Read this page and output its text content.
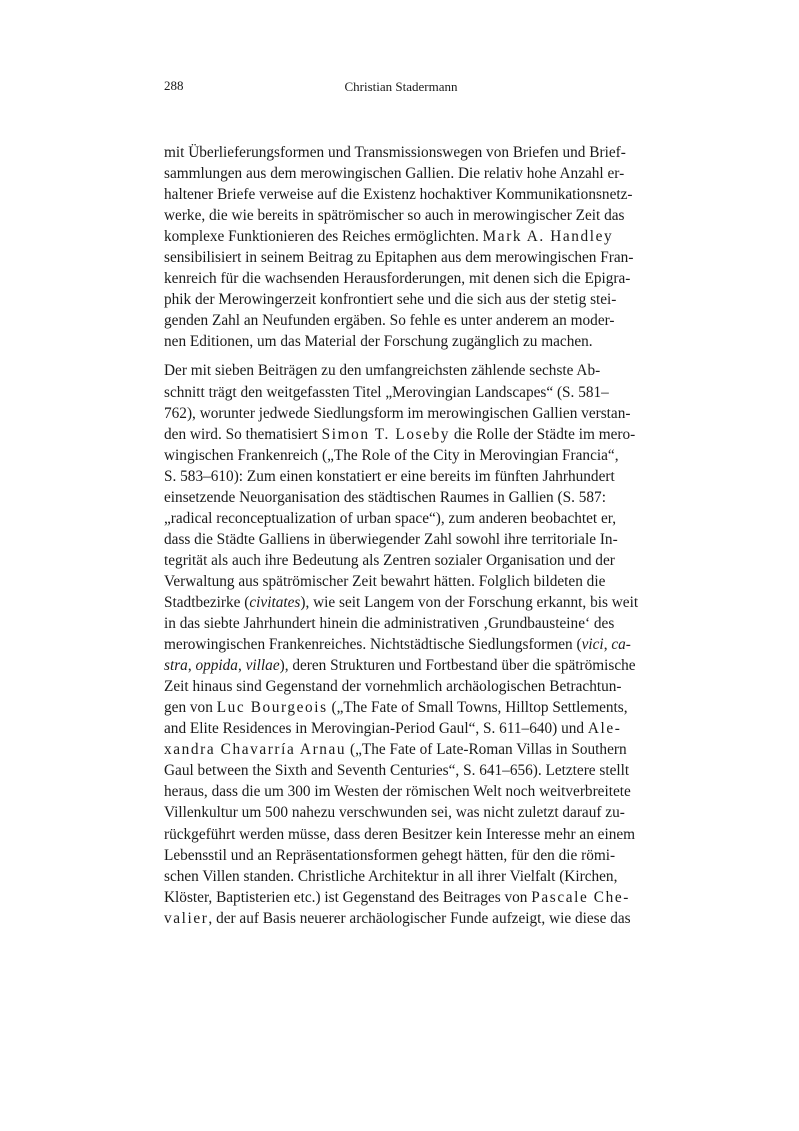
288	Christian Stadermann

mit Überlieferungsformen und Transmissionswegen von Briefen und Brief-
sammlungen aus dem merowingischen Gallien. Die relativ hohe Anzahl er-
haltener Briefe verweise auf die Existenz hochaktiver Kommunikationsnetz-
werke, die wie bereits in spätrömischer so auch in merowingischer Zeit das
komplexe Funktionieren des Reiches ermöglichten. Mark A. Handley
sensibilisiert in seinem Beitrag zu Epitaphen aus dem merowingischen Fran-
kenreich für die wachsenden Herausforderungen, mit denen sich die Epigra-
phik der Merowingerzeit konfrontiert sehe und die sich aus der stetig stei-
genden Zahl an Neufunden ergäben. So fehle es unter anderem an moder-
nen Editionen, um das Material der Forschung zugänglich zu machen.

Der mit sieben Beiträgen zu den umfangreichsten zählende sechste Ab-
schnitt trägt den weitgefassten Titel „Merovingian Landscapes“ (S. 581–
762), worunter jedwede Siedlungsform im merowingischen Gallien verstan-
den wird. So thematisiert Simon T. Loseby die Rolle der Städte im mero-
wingischen Frankenreich („The Role of the City in Merovingian Francia“,
S. 583–610): Zum einen konstatiert er eine bereits im fünften Jahrhundert
einsetzende Neuorganisation des städtischen Raumes in Gallien (S. 587:
„radical reconceptualization of urban space“), zum anderen beobachtet er,
dass die Städte Galliens in überwiegender Zahl sowohl ihre territoriale In-
tegrität als auch ihre Bedeutung als Zentren sozialer Organisation und der
Verwaltung aus spätrömischer Zeit bewahrt hätten. Folglich bildeten die
Stadtbezirke (civitates), wie seit Langem von der Forschung erkannt, bis weit
in das siebte Jahrhundert hinein die administrativen ‚Grundbausteine‘ des
merowingischen Frankenreiches. Nichtstädtische Siedlungsformen (vici, ca-
stra, oppida, villae), deren Strukturen und Fortbestand über die spätrömische
Zeit hinaus sind Gegenstand der vornehmlich archäologischen Betrachtun-
gen von Luc Bourgeois („The Fate of Small Towns, Hilltop Settlements,
and Elite Residences in Merovingian-Period Gaul“, S. 611–640) und Ale-
xandra Chavarría Arnau („The Fate of Late-Roman Villas in Southern
Gaul between the Sixth and Seventh Centuries“, S. 641–656). Letztere stellt
heraus, dass die um 300 im Westen der römischen Welt noch weitverbreitete
Villenkultur um 500 nahezu verschwunden sei, was nicht zuletzt darauf zu-
rückgeführt werden müsse, dass deren Besitzer kein Interesse mehr an einem
Lebensstil und an Repräsentationsformen gehegt hätten, für den die römi-
schen Villen standen. Christliche Architektur in all ihrer Vielfalt (Kirchen,
Klöster, Baptisterien etc.) ist Gegenstand des Beitrages von Pascale Che-
valier, der auf Basis neuerer archäologischer Funde aufzeigt, wie diese das
